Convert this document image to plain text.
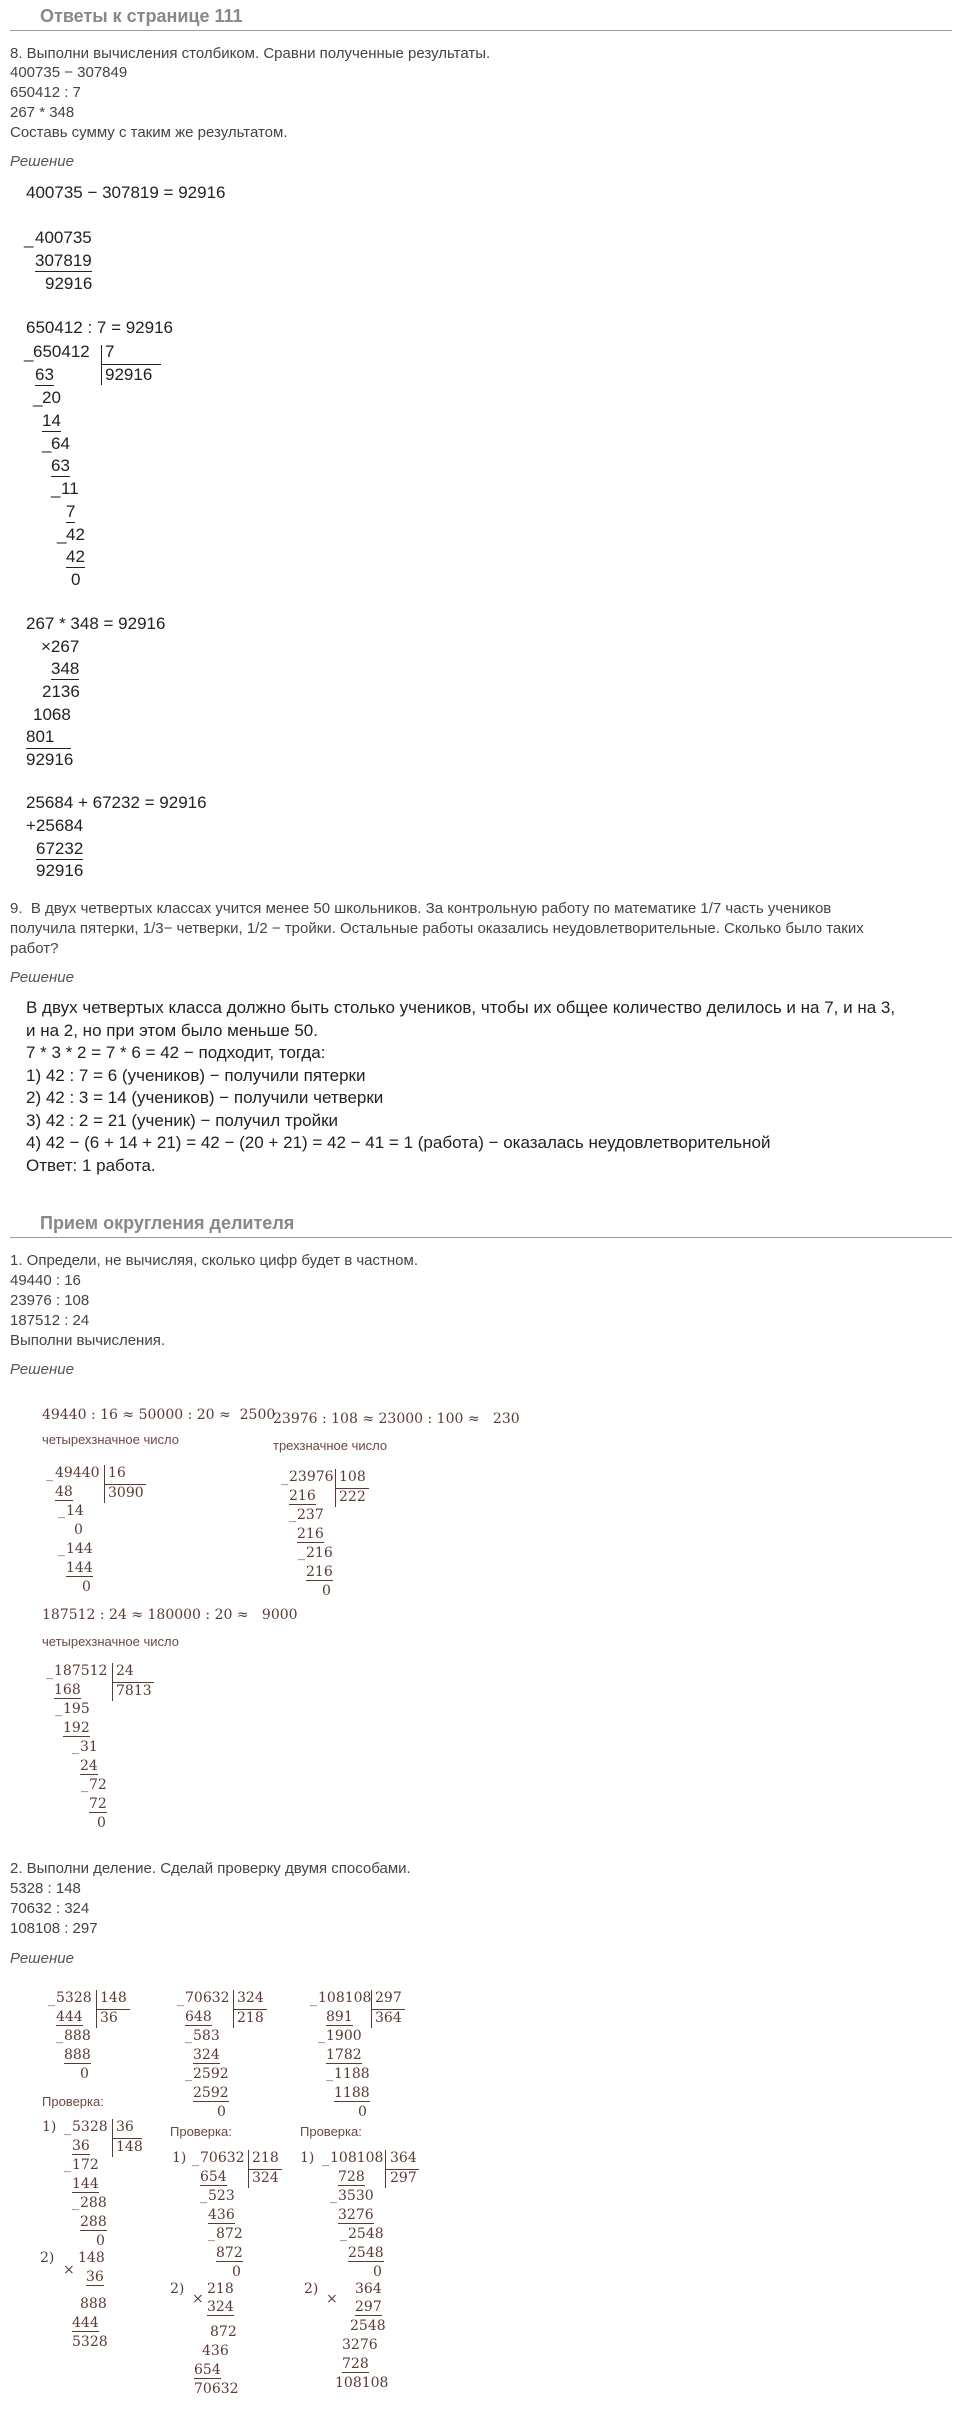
Ответы к странице 111
8. Выполни вычисления столбиком. Сравни полученные результаты.
400735 − 307849
650412 : 7
267 * 348
Составь сумму с таким же результатом.
Решение
400735 − 307819 = 92916
_ 400735
307819
92916
650412 : 7 = 92916
_ 650412 7
63	92916
_ 20
14
_ 64
63
_ 11
7
_ 42
42
0
267 * 348 = 92916
×267
348
2136
1068
801
92916
25684 + 67232 = 92916
+25684
67232
92916
9.  В двух четвертых классах учится менее 50 школьников. За контрольную работу по математике 1/7 часть учеников
получила пятерки, 1/3− четверки, 1/2 − тройки. Остальные работы оказались неудовлетворительные. Сколько было таких
работ?
Решение
В двух четвертых класса должно быть столько учеников, чтобы их общее количество делилось и на 7, и на 3,
и на 2, но при этом было меньше 50.
7 * 3 * 2 = 7 * 6 = 42 − подходит, тогда:
1) 42 : 7 = 6 (учеников) − получили пятерки
2) 42 : 3 = 14 (учеников) − получили четверки
3) 42 : 2 = 21 (ученик) − получил тройки
4) 42 − (6 + 14 + 21) = 42 − (20 + 21) = 42 − 41 = 1 (работа) − оказалась неудовлетворительной
Ответ: 1 работа.
Прием округления делителя
1. Определи, не вычисляя, сколько цифр будет в частном.
49440 : 16
23976 : 108
187512 : 24
Выполни вычисления.
Решение
49440 : 16 ≈ 50000 : 20 ≈  2500
четырехзначное число
23976 : 108 ≈ 23000 : 100 ≈   230
трехзначное число
_ 49440 16
48	3090
_ 14
0
_ 144
144
0
_ 23976 108
216 222
_ 237
216
_ 216
216
0
187512 : 24 ≈ 180000 : 20 ≈   9000
четырехзначное число
_ 187512 24
168	7813
_ 195
192
_ 31
24
_ 72
72
0
2. Выполни деление. Сделай проверку двумя способами.
5328 : 148
70632 : 324
108108 : 297
Решение
_ 5328 148
444 36
_ 888
888
0
_ 70632 324
648 218
_ 583
324
_ 2592
2592
0
_ 108108 297
891 364
_ 1900
1782
_ 1188
1188
0
Проверка:
Проверка:	Проверка:
1) _ 5328 36
36 148
_ 172
144
_ 288
288
0
2)
×
148
36
888
444
5328
1) _ 70632 218
654 324
_ 523
436
_ 872
872
0
2)
×
218
324
872
436
654
70632
1) _ 108108 364
728 297
_ 3530
3276
_ 2548
2548
0
2)
×
364
297
2548
3276
728
108108
